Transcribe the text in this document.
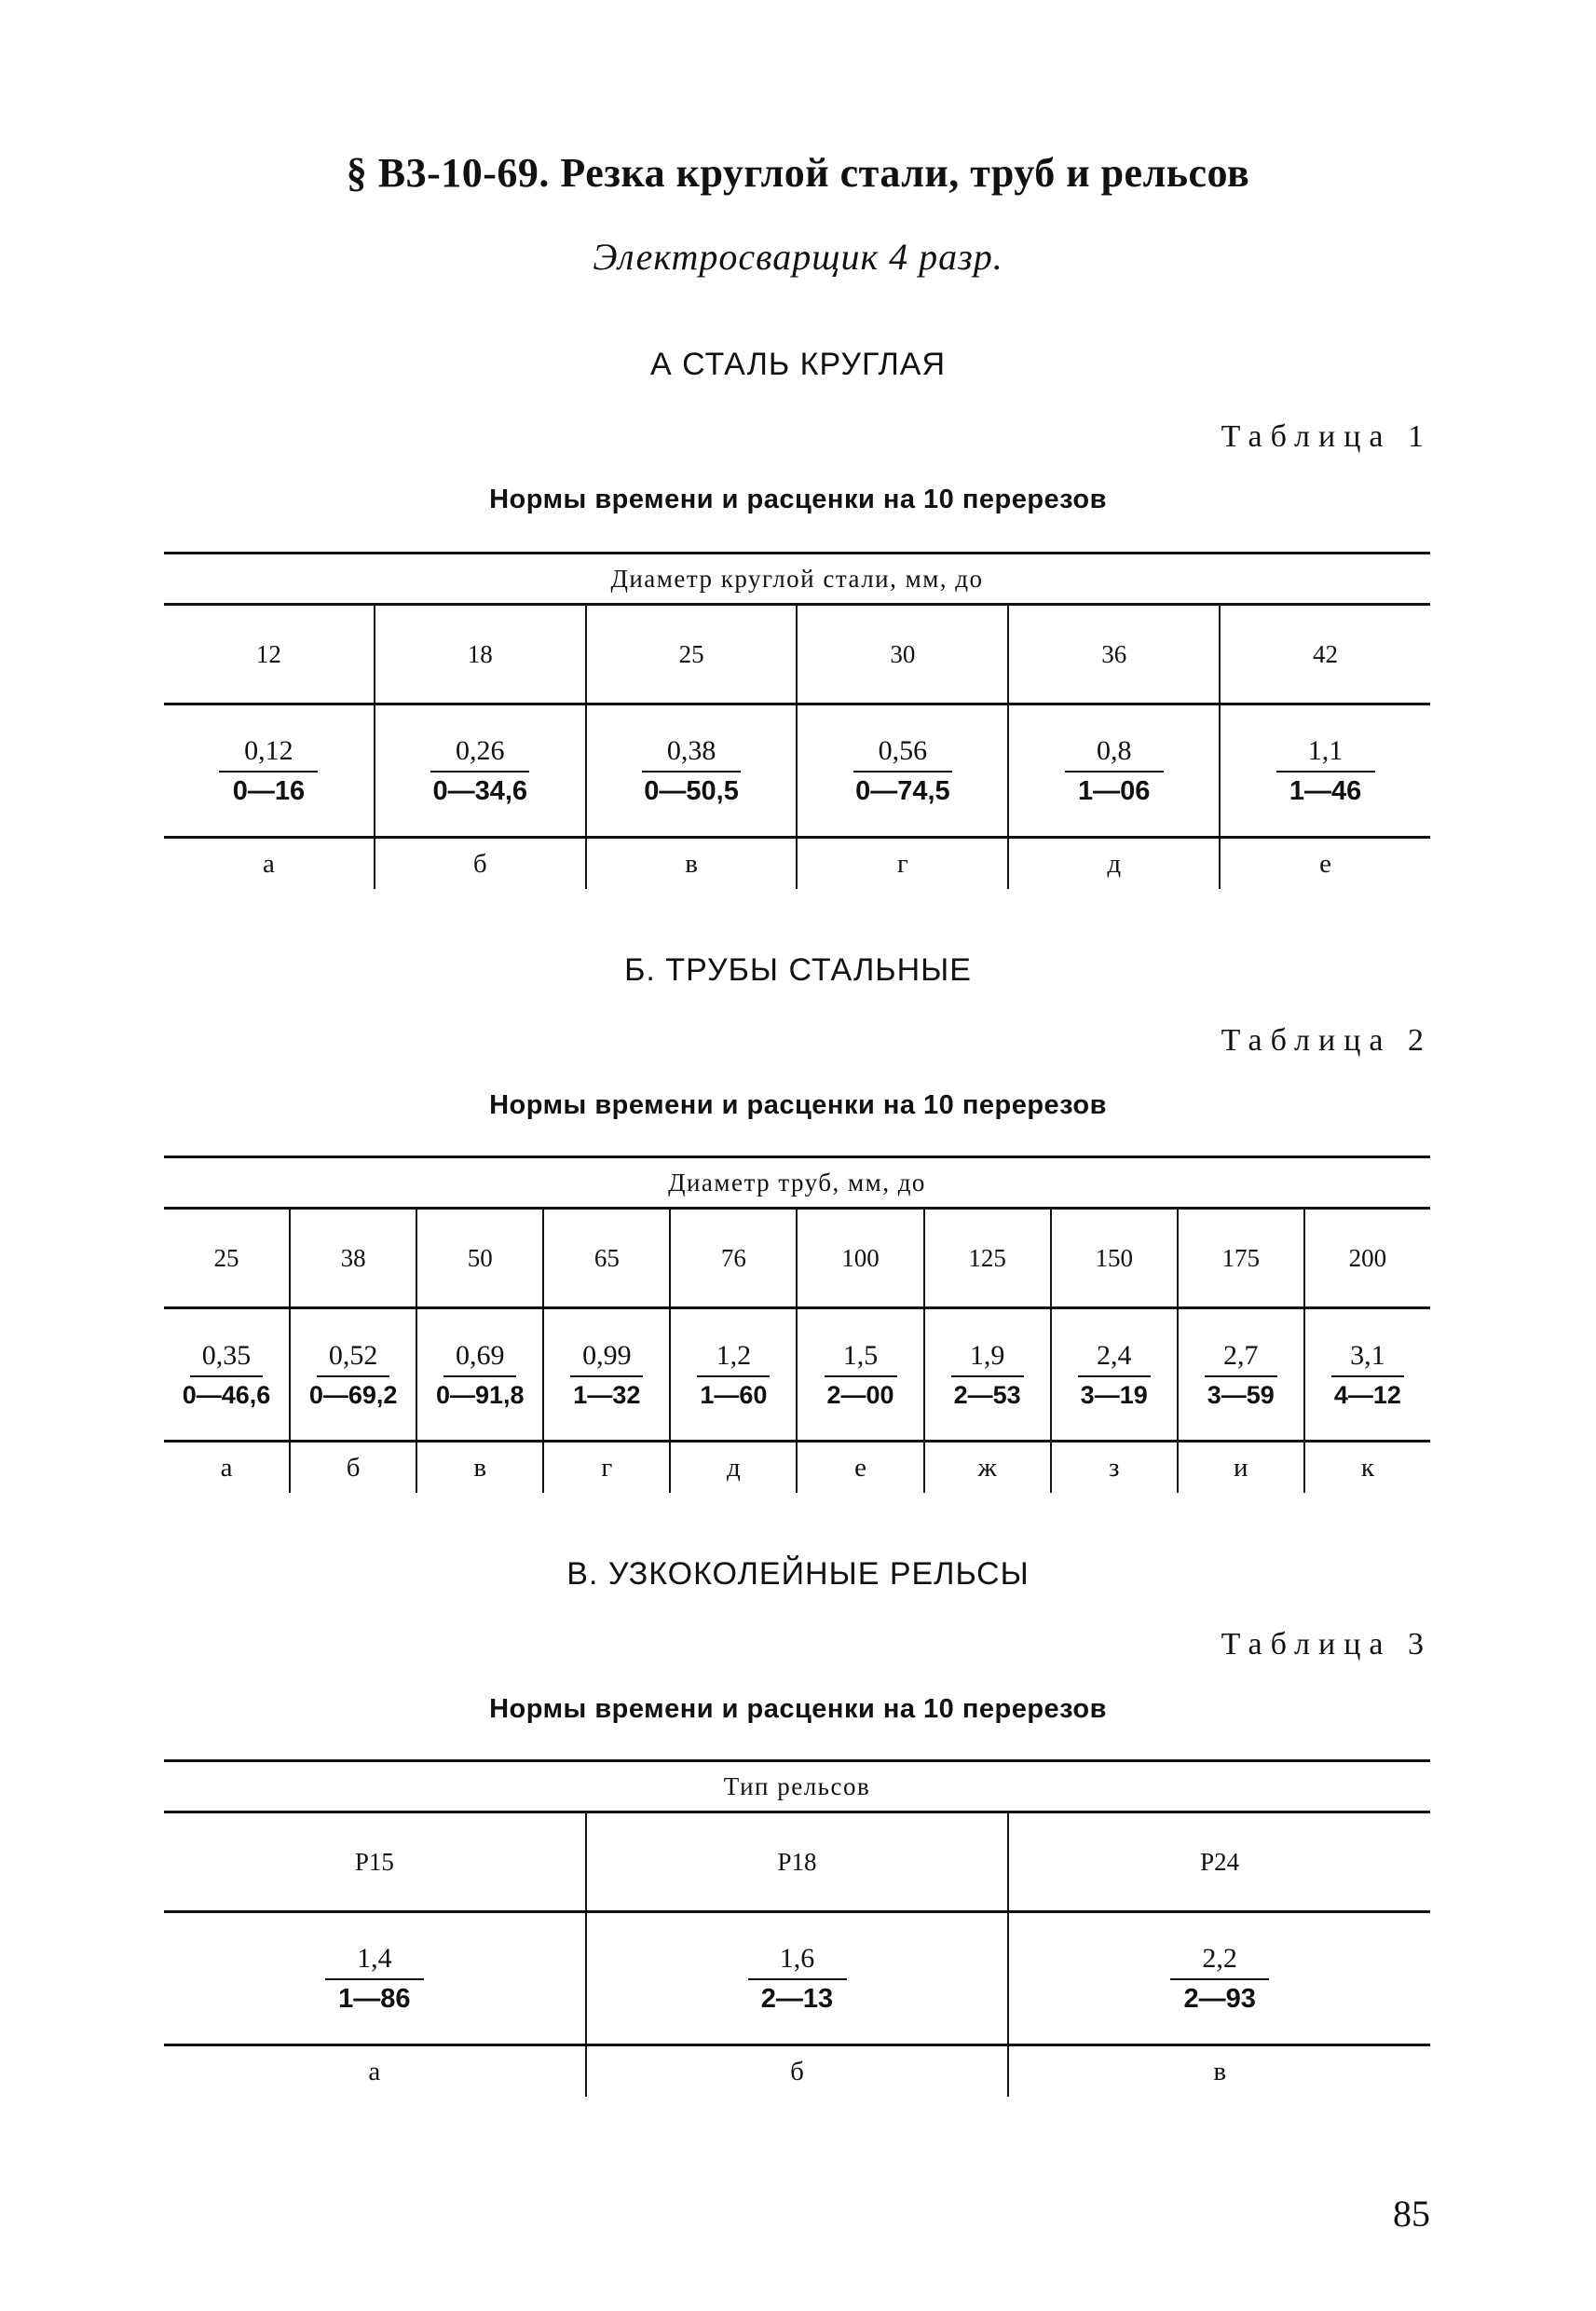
§ В3-10-69. Резка круглой стали, труб и рельсов
Электросварщик 4 разр.
А СТАЛЬ КРУГЛАЯ
Таблица 1
Нормы времени и расценки на 10 перерезов
Диаметр круглой стали, мм, до
12	18	25	30	36	42
$\frac{0,12}{0—16}$	$\frac{0,26}{0—34,6}$	$\frac{0,38}{0—50,5}$	$\frac{0,56}{0—74,5}$	$\frac{0,8}{1—06}$	$\frac{1,1}{1—46}$
а	б	в	г	д	е
Б. ТРУБЫ СТАЛЬНЫЕ
Таблица 2
Нормы времени и расценки на 10 перерезов
Диаметр труб, мм, до
25	38	50	65	76	100	125	150	175	200
$\frac{0,35}{0—46,6} \frac{0,52}{0—69,2} \frac{0,69}{0—91,8} \frac{0,99}{1—32} \frac{1,2}{1—60} \frac{1,5}{2—00} \frac{1,9}{2—53} \frac{2,4}{3—19} \frac{2,7}{3—59} \frac{3,1}{4—12}$
а	б	в	г	д	е	ж	з	и	к
В. УЗКОКОЛЕЙНЫЕ РЕЛЬСЫ
Таблица 3
Нормы времени и расценки на 10 перерезов
Тип рельсов
Р15	Р18	Р24
$\frac{1,4}{1—86}$	$\frac{1,6}{2—13}$	$\frac{2,2}{2—93}$
а	б	в
85
